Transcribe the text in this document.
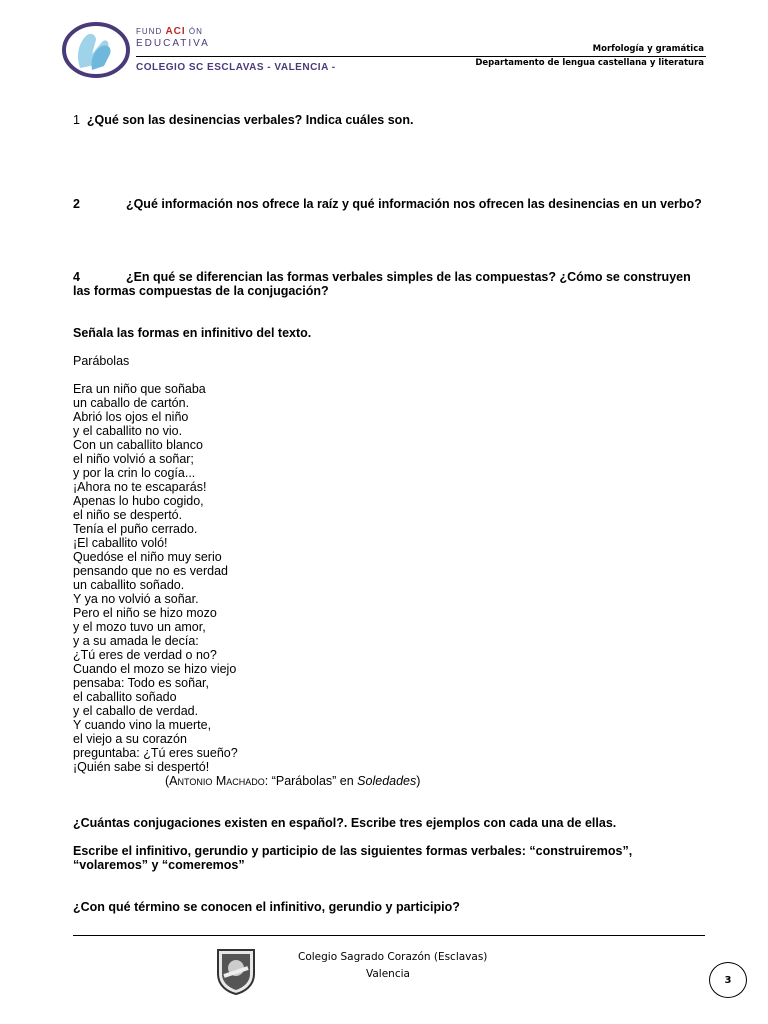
FUND ACI ÓN
EDUCATIVA
COLEGIO SC ESCLAVAS - VALENCIA -
Morfología y gramática
Departamento de lengua castellana y literatura
1 ¿Qué son las desinencias verbales? Indica cuáles son.
2	¿Qué información nos ofrece la raíz y qué información nos ofrecen las desinencias en un verbo?
4	¿En qué se diferencian las formas verbales simples de las compuestas? ¿Cómo se construyen las formas compuestas de la conjugación?
Señala las formas en infinitivo del texto.
Parábolas
Era un niño que soñaba
un caballo de cartón.
Abrió los ojos el niño
y el caballito no vio.
Con un caballito blanco
el niño volvió a soñar;
y por la crin lo cogía...
¡Ahora no te escaparás!
Apenas lo hubo cogido,
el niño se despertó.
Tenía el puño cerrado.
¡El caballito voló!
Quedóse el niño muy serio
pensando que no es verdad
un caballito soñado.
Y ya no volvió a soñar.
Pero el niño se hizo mozo
y el mozo tuvo un amor,
y a su amada le decía:
¿Tú eres de verdad o no?
Cuando el mozo se hizo viejo
pensaba: Todo es soñar,
el caballito soñado
y el caballo de verdad.
Y cuando vino la muerte,
el viejo a su corazón
preguntaba: ¿Tú eres sueño?
¡Quién sabe si despertó!
(Antonio Machado: “Parábolas” en Soledades)
¿Cuántas conjugaciones existen en español?. Escribe tres ejemplos con cada una de ellas.
Escribe el infinitivo, gerundio y participio de las siguientes formas verbales: “construiremos”, “volaremos” y “comeremos”
¿Con qué término se conocen el infinitivo, gerundio y participio?
Colegio Sagrado Corazón (Esclavas)
Valencia	3
